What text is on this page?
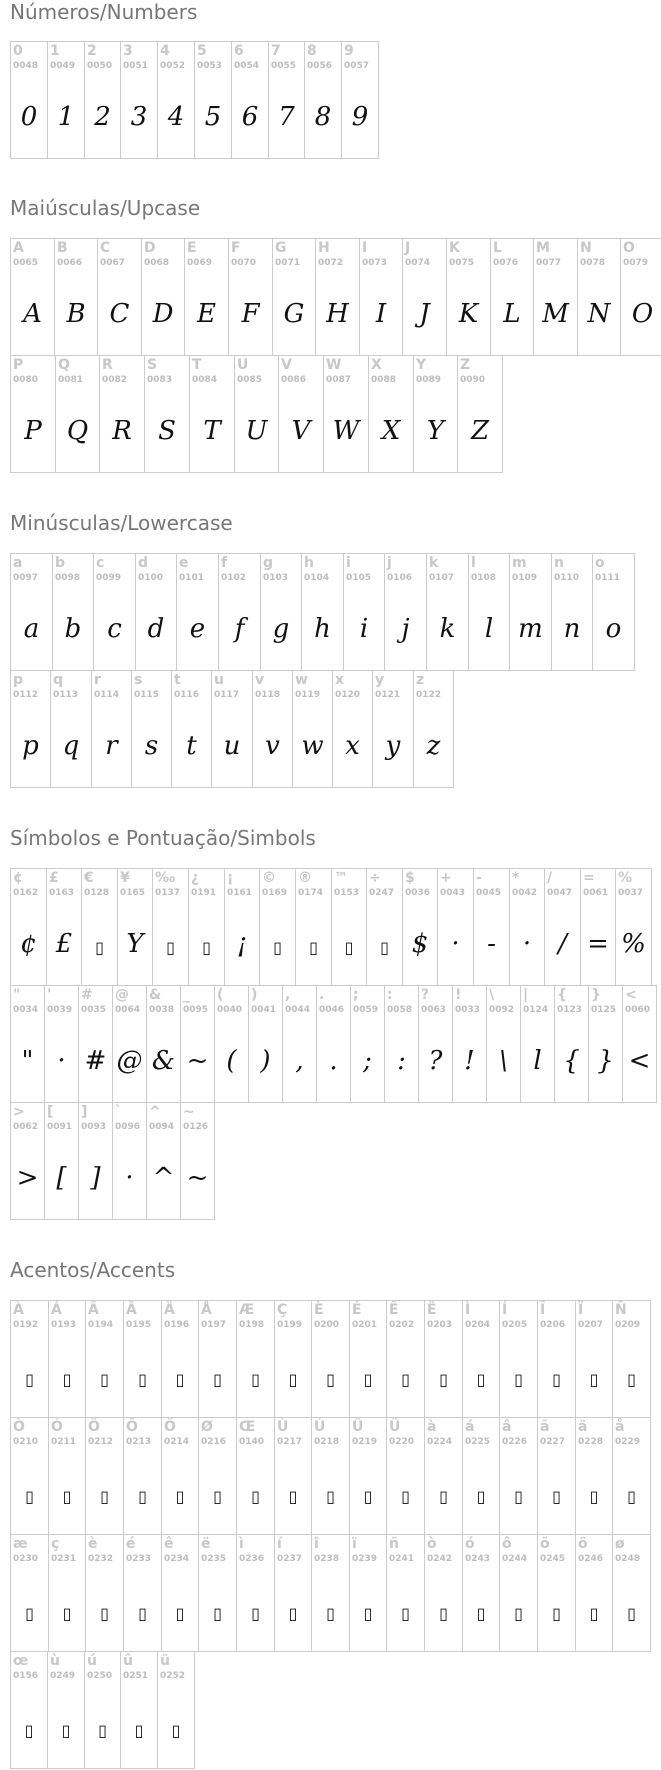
Números/Numbers
0
0048
0
1
0049
1
2
0050
2
3
0051
3
4
0052
4
5
0053
5
6
0054
6
7
0055
7
8
0056
8
9
0057
9
Maiúsculas/Upcase
A
0065
A
B
0066
B
C
0067
C
D
0068
D
E
0069
E
F
0070
F
G
0071
G
H
0072
H
I
0073
I
J
0074
J
K
0075
K
L
0076
L
M
0077
M
N
0078
N
O
0079
O
P
0080
P
Q
0081
Q
R
0082
R
S
0083
S
T
0084
T
U
0085
U
V
0086
V
W
0087
W
X
0088
X
Y
0089
Y
Z
0090
Z
Minúsculas/Lowercase
a
0097
a
b
0098
b
c
0099
c
d
0100
d
e
0101
e
f
0102
f
g
0103
g
h
0104
h
i
0105
i
j
0106
j
k
0107
k
l
0108
l
m
0109
m
n
0110
n
o
0111
o
p
0112
p
q
0113
q
r
0114
r
s
0115
s
t
0116
t
u
0117
u
v
0118
v
w
0119
w
x
0120
x
y
0121
y
z
0122
z
Símbolos e Pontuação/Simbols
¢
0162
¢
£
0163
£
€
0128
▯
¥
0165
Y
‰
0137
▯
¿
0191
▯
¡
0161
¡
©
0169
▯
®
0174
▯
™
0153
▯
÷
0247
▯
$
0036
$
+
0043
·
-
0045
-
*
0042
·
/
0047
/
=
0061
=
%
0037
%
"
0034
"
'
0039
·
#
0035
#
@
0064
@
&
0038
&
_
0095
~
(
0040
(
)
0041
)
,
0044
,
.
0046
.
;
0059
;
:
0058
:
?
0063
?
!
0033
!
\
0092
\
|
0124
l
{
0123
{
}
0125
}
<
0060
<
>
0062
>
[
0091
[
]
0093
]
`
0096
·
^
0094
^
~
0126
~
Acentos/Accents
À
0192
▯
Á
0193
▯
Â
0194
▯
Ã
0195
▯
Ä
0196
▯
Å
0197
▯
Æ
0198
▯
Ç
0199
▯
È
0200
▯
É
0201
▯
Ê
0202
▯
Ë
0203
▯
Ì
0204
▯
Í
0205
▯
Î
0206
▯
Ï
0207
▯
Ñ
0209
▯
Ò
0210
▯
Ó
0211
▯
Ô
0212
▯
Õ
0213
▯
Ö
0214
▯
Ø
0216
▯
Œ
0140
▯
Ù
0217
▯
Ú
0218
▯
Û
0219
▯
Ü
0220
▯
à
0224
▯
á
0225
▯
â
0226
▯
ã
0227
▯
ä
0228
▯
å
0229
▯
æ
0230
▯
ç
0231
▯
è
0232
▯
é
0233
▯
ê
0234
▯
ë
0235
▯
ì
0236
▯
í
0237
▯
î
0238
▯
ï
0239
▯
ñ
0241
▯
ò
0242
▯
ó
0243
▯
ô
0244
▯
õ
0245
▯
ö
0246
▯
ø
0248
▯
œ
0156
▯
ù
0249
▯
ú
0250
▯
û
0251
▯
ü
0252
▯
